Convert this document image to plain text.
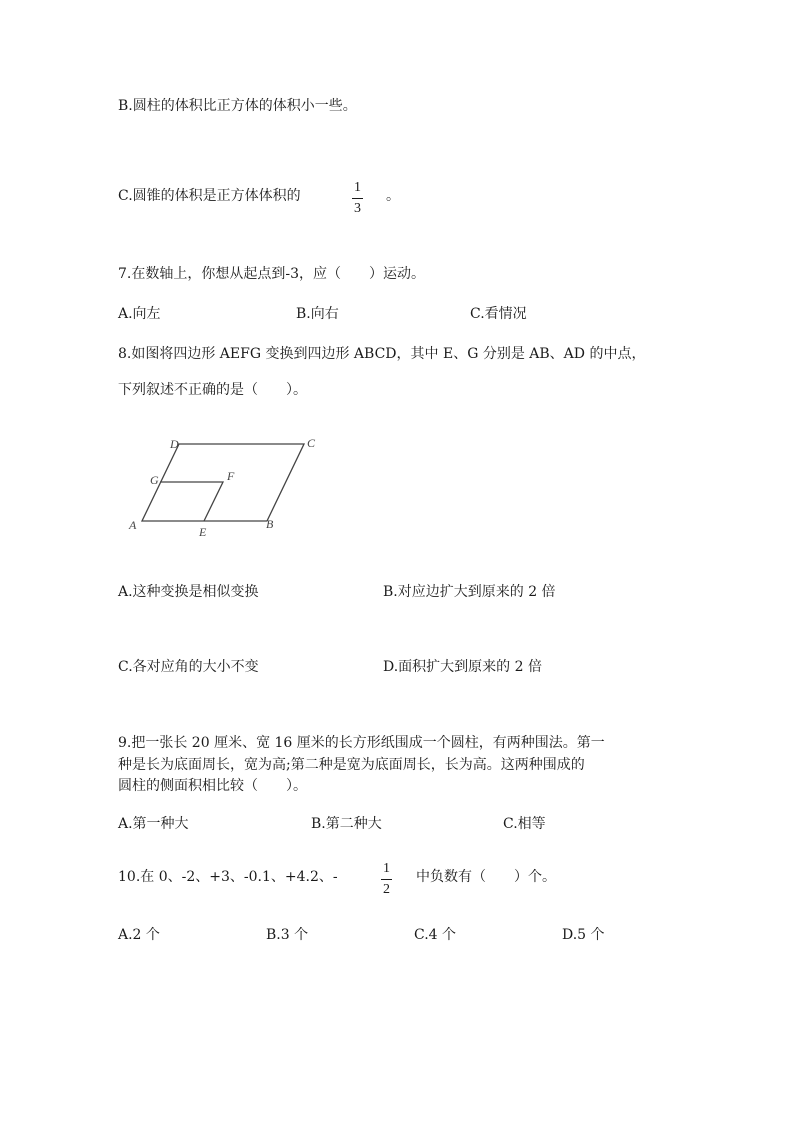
B.圆柱的体积比正方体的体积小一些。
C.圆锥的体积是正方体体积的
1
3
。
7.在数轴上，你想从起点到-3，应（　　）运动。
A.向左	B.向右	C.看情况
8.如图将四边形 AEFG 变换到四边形 ABCD，其中 E、G 分别是 AB、AD 的中点，
下列叙述不正确的是（　　）。
A	B
C
D
E
F
G
A.这种变换是相似变换	B.对应边扩大到原来的 2 倍
C.各对应角的大小不变	D.面积扩大到原来的 2 倍
9.把一张长 20 厘米、宽 16 厘米的长方形纸围成一个圆柱，有两种围法。第一
种是长为底面周长，宽为高;第二种是宽为底面周长，长为高。这两种围成的
圆柱的侧面积相比较（　　）。
A.第一种大	B.第二种大	C.相等
10.在 0、-2、+3、-0.1、+4.2、-
1
2
中负数有（　　）个。
A.2 个	B.3 个	C.4 个	D.5 个
